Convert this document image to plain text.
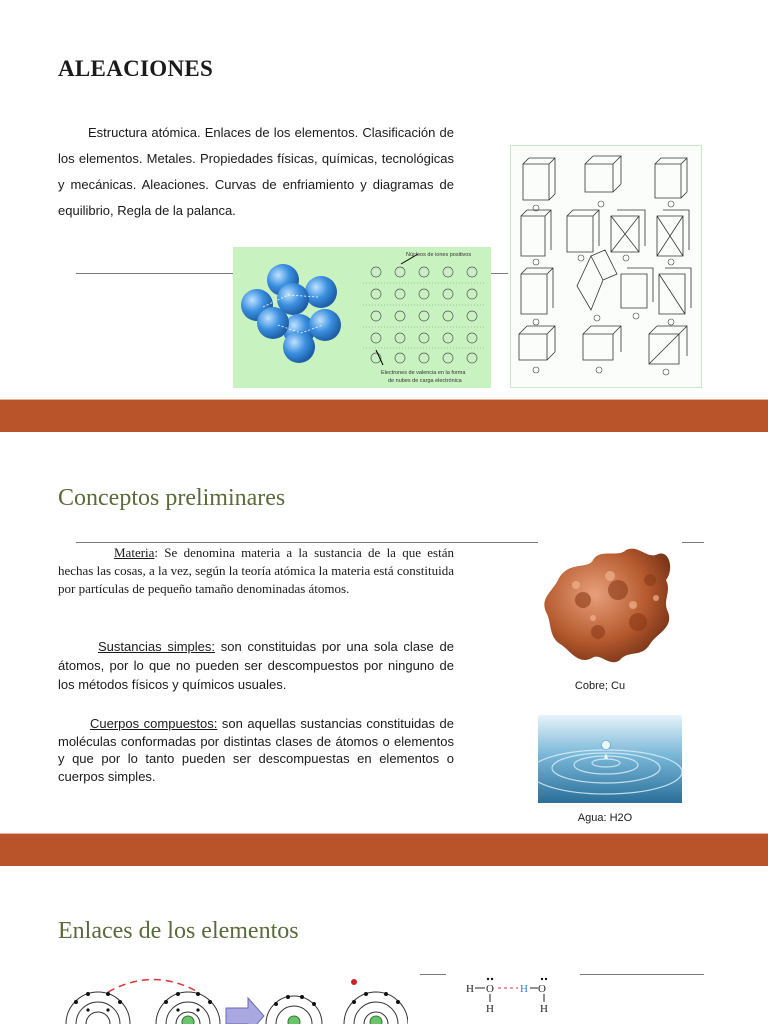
ALEACIONES
Estructura atómica. Enlaces de los elementos. Clasificación de los elementos. Metales. Propiedades físicas, químicas, tecnológicas y mecánicas. Aleaciones. Curvas de enfriamiento y diagramas de equilibrio, Regla de la palanca.
Núcleos de iones positivos
Electrones de valencia en la forma
de nubes de carga electrónica
Conceptos preliminares
Materia: Se denomina materia a la sustancia de la que están hechas las cosas, a la vez, según la teoría atómica la materia está constituida por partículas de pequeño tamaño denominadas átomos.
Sustancias simples: son constituidas por una sola clase de átomos, por lo que no pueden ser descompuestos por ninguno de los métodos físicos y químicos usuales.
Cuerpos compuestos: son aquellas sustancias constituidas de moléculas conformadas por distintas clases de átomos o elementos y que por lo tanto pueden ser descompuestas en elementos o cuerpos simples.
Cobre; Cu
Agua: H2O
Enlaces de los elementos
H O
H
H O
H
